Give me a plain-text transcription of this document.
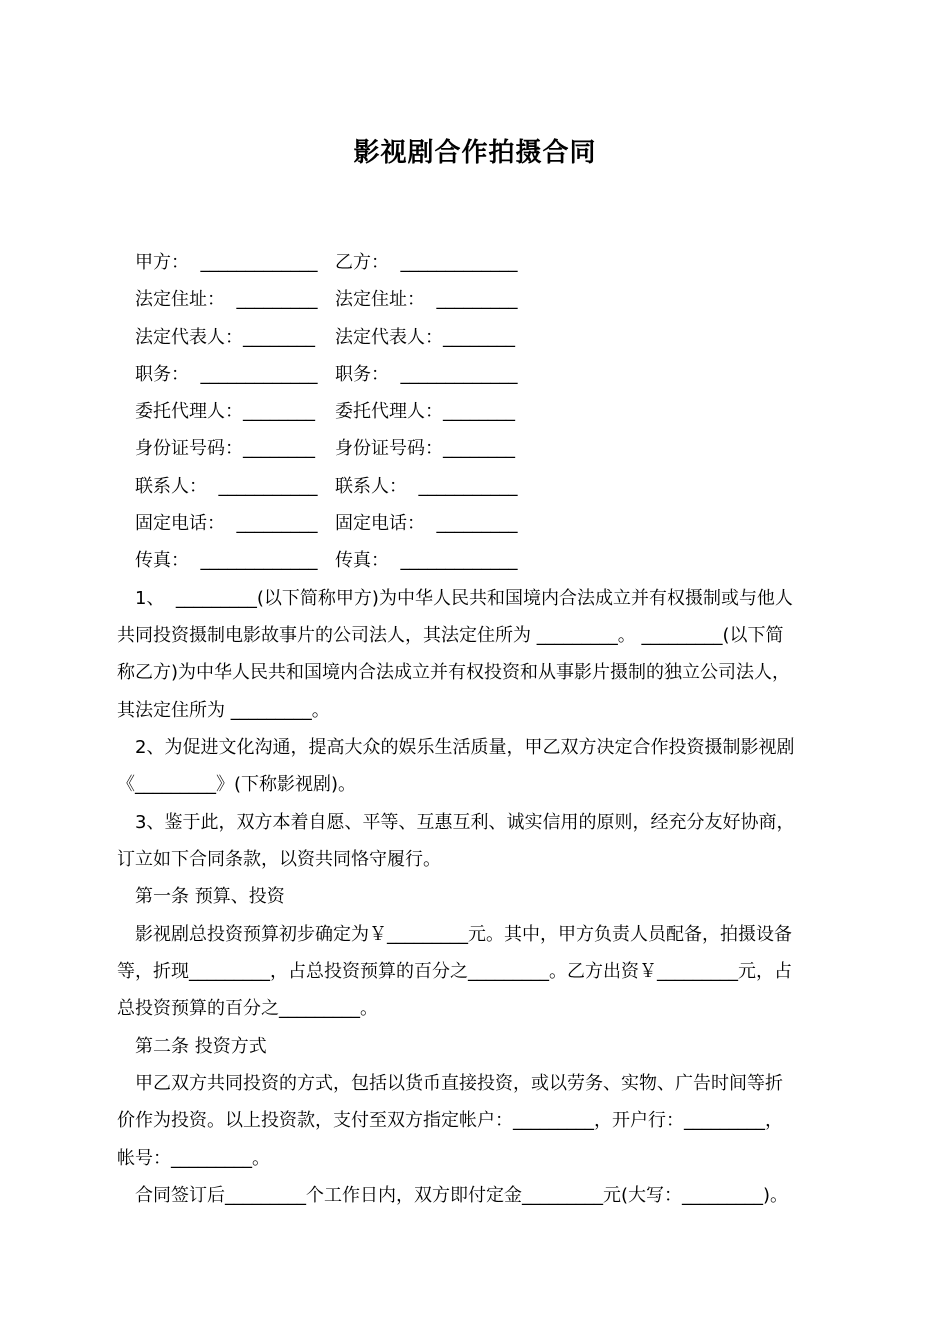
影视剧合作拍摄合同

甲方：  _____________

乙方：  _____________

法定住址：  _________

法定住址：  _________

法定代表人：________

法定代表人：________

职务：  _____________

职务：  _____________

委托代理人：________

委托代理人：________

身份证号码：________

身份证号码：________

联系人：  ___________

联系人：  ___________

固定电话：  _________

固定电话：  _________

传真：  _____________

传真：  _____________

1、  _________(以下简称甲方)为中华人民共和国境内合法成立并有权摄制或与他人
共同投资摄制电影故事片的公司法人，其法定住所为 _________。 _________(以下简
称乙方)为中华人民共和国境内合法成立并有权投资和从事影片摄制的独立公司法人，
其法定住所为 _________。
2、为促进文化沟通，提高大众的娱乐生活质量，甲乙双方决定合作投资摄制影视剧
《_________》(下称影视剧)。
3、鉴于此，双方本着自愿、平等、互惠互利、诚实信用的原则，经充分友好协商，
订立如下合同条款，以资共同恪守履行。
第一条 预算、投资
影视剧总投资预算初步确定为￥_________元。其中，甲方负责人员配备，拍摄设备
等，折现_________，占总投资预算的百分之_________。乙方出资￥_________元，占
总投资预算的百分之_________。
第二条 投资方式
甲乙双方共同投资的方式，包括以货币直接投资，或以劳务、实物、广告时间等折
价作为投资。以上投资款，支付至双方指定帐户：_________，开户行：_________，
帐号：_________。
合同签订后_________个工作日内，双方即付定金_________元(大写：_________)。
